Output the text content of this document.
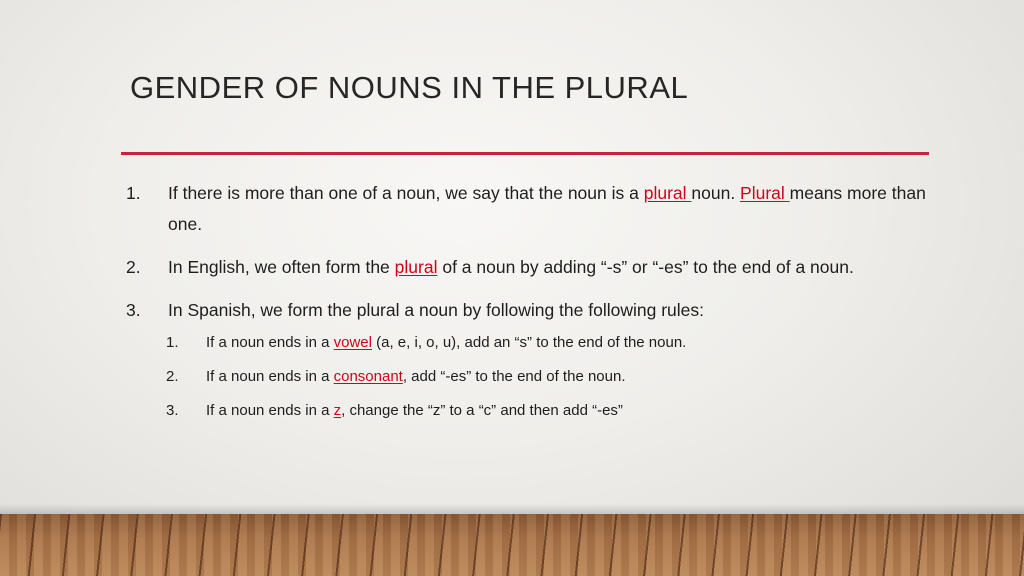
GENDER OF NOUNS IN THE PLURAL
1. If there is more than one of a noun, we say that the noun is a plural noun. Plural means more than one.
2. In English, we often form the plural of a noun by adding “-s” or “-es” to the end of a noun.
3. In Spanish, we form the plural a noun by following the following rules:
1. If a noun ends in a vowel (a, e, i, o, u), add an “s” to the end of the noun.
2. If a noun ends in a consonant, add “-es” to the end of the noun.
3. If a noun ends in a z, change the “z” to a “c” and then add “-es”
